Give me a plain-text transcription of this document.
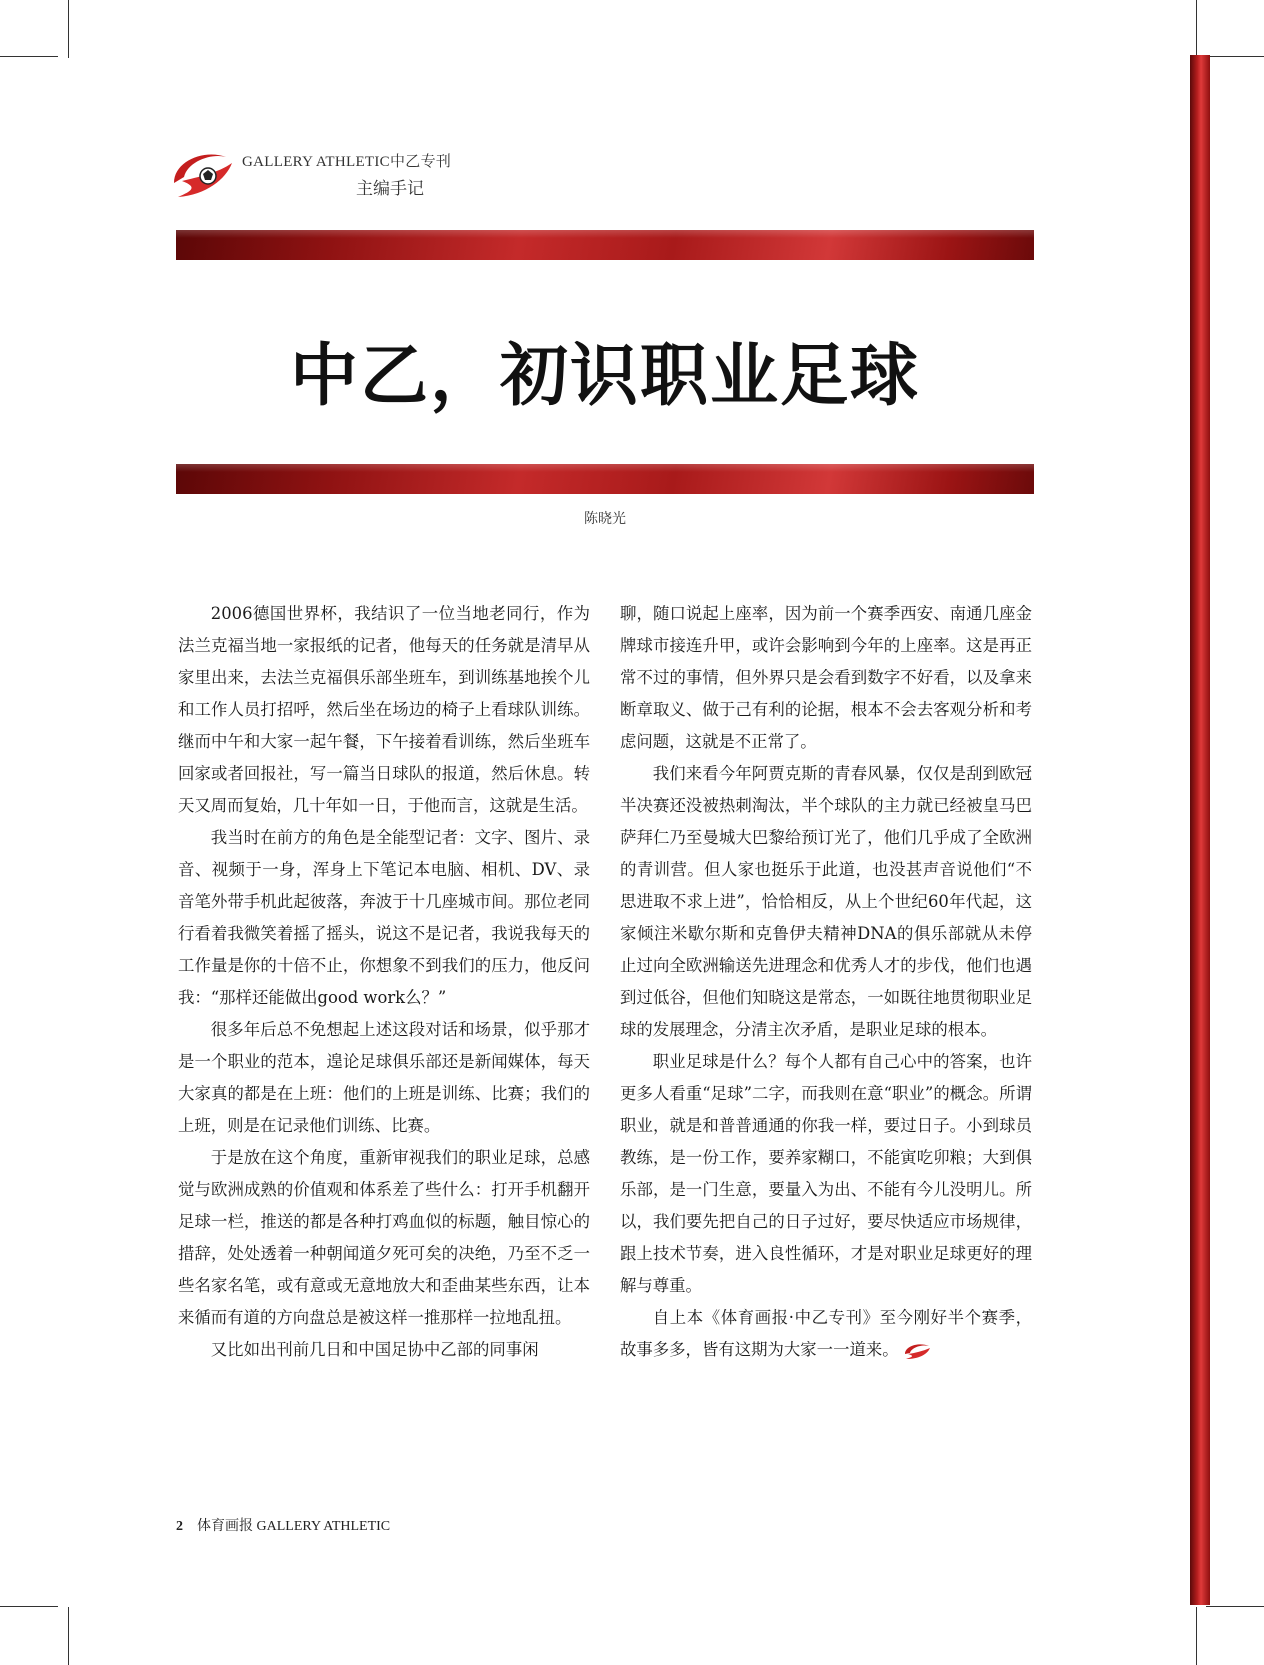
GALLERY ATHLETIC中乙专刊
主编手记
中乙，初识职业足球
陈晓光

2006德国世界杯，我结识了一位当地老同行，作为法兰克福当地一家报纸的记者，他每天的任务就是清早从家里出来，去法兰克福俱乐部坐班车，到训练基地挨个儿和工作人员打招呼，然后坐在场边的椅子上看球队训练。继而中午和大家一起午餐，下午接着看训练，然后坐班车回家或者回报社，写一篇当日球队的报道，然后休息。转天又周而复始，几十年如一日，于他而言，这就是生活。

我当时在前方的角色是全能型记者：文字、图片、录音、视频于一身，浑身上下笔记本电脑、相机、DV、录音笔外带手机此起彼落，奔波于十几座城市间。那位老同行看着我微笑着摇了摇头，说这不是记者，我说我每天的工作量是你的十倍不止，你想象不到我们的压力，他反问我：“那样还能做出good work么？”

很多年后总不免想起上述这段对话和场景，似乎那才是一个职业的范本，遑论足球俱乐部还是新闻媒体，每天大家真的都是在上班：他们的上班是训练、比赛；我们的上班，则是在记录他们训练、比赛。

于是放在这个角度，重新审视我们的职业足球，总感觉与欧洲成熟的价值观和体系差了些什么：打开手机翻开足球一栏，推送的都是各种打鸡血似的标题，触目惊心的措辞，处处透着一种朝闻道夕死可矣的决绝，乃至不乏一些名家名笔，或有意或无意地放大和歪曲某些东西，让本来循而有道的方向盘总是被这样一推那样一拉地乱扭。

又比如出刊前几日和中国足协中乙部的同事闲

聊，随口说起上座率，因为前一个赛季西安、南通几座金牌球市接连升甲，或许会影响到今年的上座率。这是再正常不过的事情，但外界只是会看到数字不好看，以及拿来断章取义、做于己有利的论据，根本不会去客观分析和考虑问题，这就是不正常了。

我们来看今年阿贾克斯的青春风暴，仅仅是刮到欧冠半决赛还没被热刺淘汰，半个球队的主力就已经被皇马巴萨拜仁乃至曼城大巴黎给预订光了，他们几乎成了全欧洲的青训营。但人家也挺乐于此道，也没甚声音说他们“不思进取不求上进”，恰恰相反，从上个世纪60年代起，这家倾注米歇尔斯和克鲁伊夫精神DNA的俱乐部就从未停止过向全欧洲输送先进理念和优秀人才的步伐，他们也遇到过低谷，但他们知晓这是常态，一如既往地贯彻职业足球的发展理念，分清主次矛盾，是职业足球的根本。

职业足球是什么？每个人都有自己心中的答案，也许更多人看重“足球”二字，而我则在意“职业”的概念。所谓职业，就是和普普通通的你我一样，要过日子。小到球员教练，是一份工作，要养家糊口，不能寅吃卯粮；大到俱乐部，是一门生意，要量入为出、不能有今儿没明儿。所以，我们要先把自己的日子过好，要尽快适应市场规律，跟上技术节奏，进入良性循环，才是对职业足球更好的理解与尊重。

自上本《体育画报·中乙专刊》至今刚好半个赛季，故事多多，皆有这期为大家一一道来。

2 体育画报 GALLERY ATHLETIC
